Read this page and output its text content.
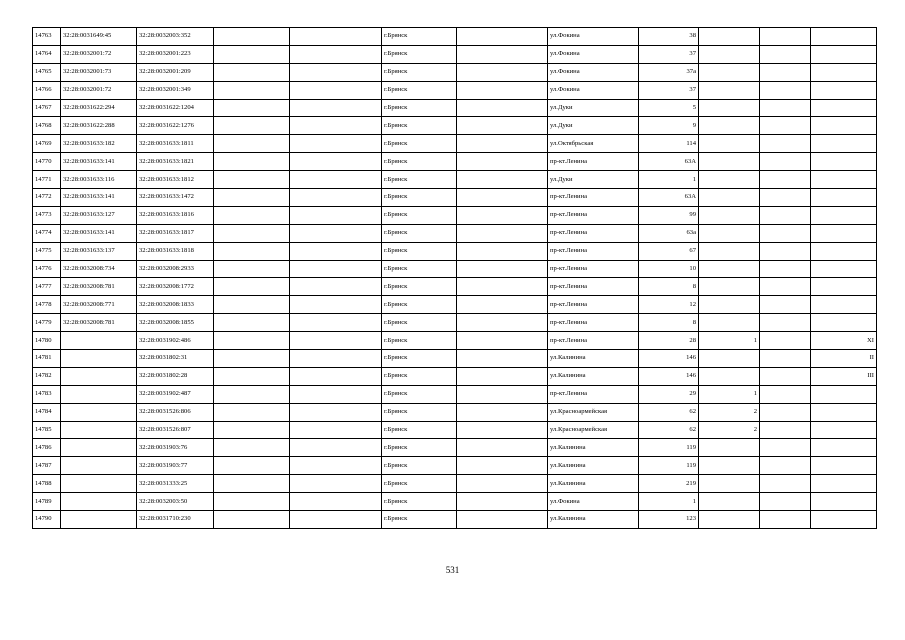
14763	32:28:0031649:45	32:28:0032003:352			г.Брянск		ул.Фокина	38			
14764	32:28:0032001:72	32:28:0032001:223			г.Брянск		ул.Фокина	37			
14765	32:28:0032001:73	32:28:0032001:209			г.Брянск		ул.Фокина	37а			
14766	32:28:0032001:72	32:28:0032001:349			г.Брянск		ул.Фокина	37			
14767	32:28:0031622:294	32:28:0031622:1204			г.Брянск		ул.Дуки	5			
14768	32:28:0031622:288	32:28:0031622:1276			г.Брянск		ул.Дуки	9			
14769	32:28:0031633:182	32:28:0031633:1811			г.Брянск		ул.Октябрьская	114			
14770	32:28:0031633:141	32:28:0031633:1821			г.Брянск		пр-кт.Ленина	63А			
14771	32:28:0031633:116	32:28:0031633:1812			г.Брянск		ул.Дуки	1			
14772	32:28:0031633:141	32:28:0031633:1472			г.Брянск		пр-кт.Ленина	63А			
14773	32:28:0031633:127	32:28:0031633:1816			г.Брянск		пр-кт.Ленина	99			
14774	32:28:0031633:141	32:28:0031633:1817			г.Брянск		пр-кт.Ленина	63а			
14775	32:28:0031633:137	32:28:0031633:1818			г.Брянск		пр-кт.Ленина	67			
14776	32:28:0032008:734	32:28:0032008:2933			г.Брянск		пр-кт.Ленина	10			
14777	32:28:0032008:781	32:28:0032008:1772			г.Брянск		пр-кт.Ленина	8			
14778	32:28:0032008:771	32:28:0032008:1833			г.Брянск		пр-кт.Ленина	12			
14779	32:28:0032008:781	32:28:0032008:1855			г.Брянск		пр-кт.Ленина	8			
14780		32:28:0031902:486			г.Брянск		пр-кт.Ленина	28	1		XI
14781		32:28:0031802:31			г.Брянск		ул.Калинина	146			II
14782		32:28:0031802:28			г.Брянск		ул.Калинина	146			III
14783		32:28:0031902:487			г.Брянск		пр-кт.Ленина	29	1		
14784		32:28:0031526:806			г.Брянск		ул.Красноармейская	62	2		
14785		32:28:0031526:807			г.Брянск		ул.Красноармейская	62	2		
14786		32:28:0031903:76			г.Брянск		ул.Калинина	119			
14787		32:28:0031903:77			г.Брянск		ул.Калинина	119			
14788		32:28:0031333:25			г.Брянск		ул.Калинина	219			
14789		32:28:0032003:50			г.Брянск		ул.Фокина	1			
14790		32:28:0031710:230			г.Брянск		ул.Калинина	123			
531
